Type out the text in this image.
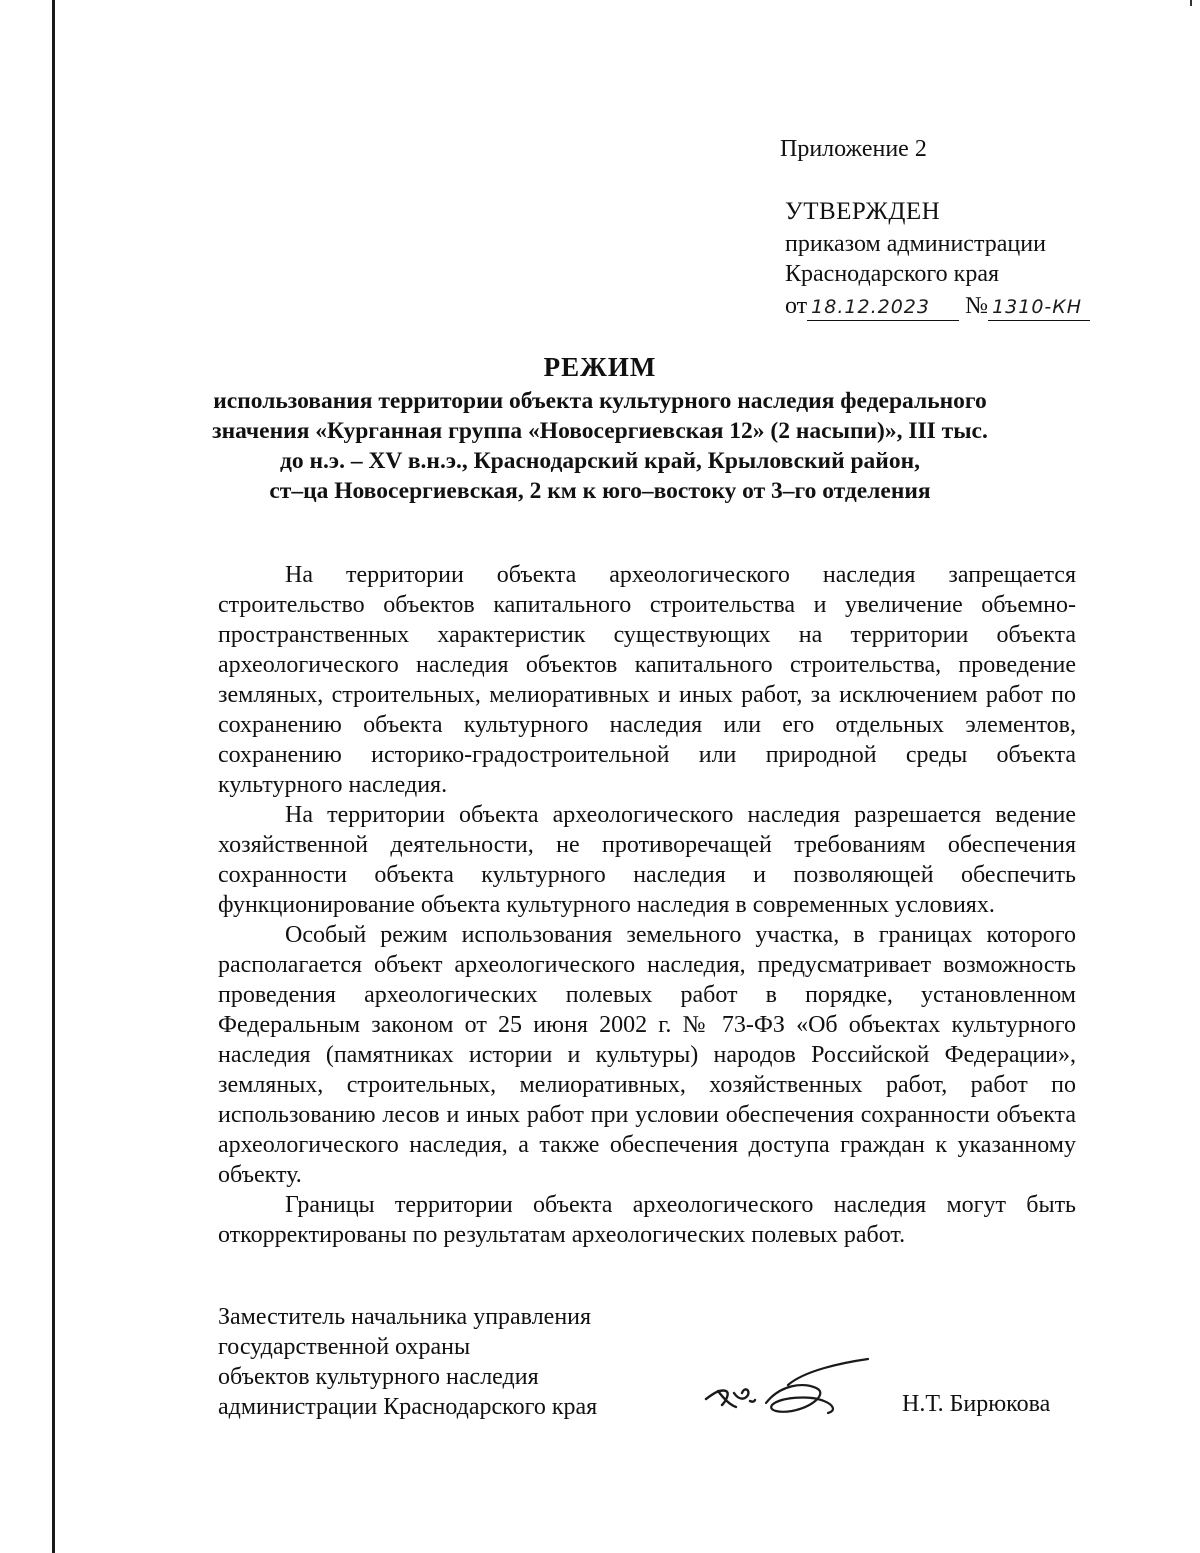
Приложение 2
УТВЕРЖДЕН
приказом администрации
Краснодарского края
от 18.12.2023 № 1310-КН
РЕЖИМ
использования территории объекта культурного наследия федерального
значения «Курганная группа «Новосергиевская 12» (2 насыпи)», III тыс.
до н.э. – XV в.н.э., Краснодарский край, Крыловский район,
ст–ца Новосергиевская, 2 км к юго–востоку от 3–го отделения

На территории объекта археологического наследия запрещается строительство объектов капитального строительства и увеличение объемно-пространственных характеристик существующих на территории объекта археологического наследия объектов капитального строительства, проведение земляных, строительных, мелиоративных и иных работ, за исключением работ по сохранению объекта культурного наследия или его отдельных элементов, сохранению историко-градостроительной или природной среды объекта культурного наследия.

На территории объекта археологического наследия разрешается ведение хозяйственной деятельности, не противоречащей требованиям обеспечения сохранности объекта культурного наследия и позволяющей обеспечить функционирование объекта культурного наследия в современных условиях.

Особый режим использования земельного участка, в границах которого располагается объект археологического наследия, предусматривает возможность проведения археологических полевых работ в порядке, установленном Федеральным законом от 25 июня 2002 г. № 73-ФЗ «Об объектах культурного наследия (памятниках истории и культуры) народов Российской Федерации», земляных, строительных, мелиоративных, хозяйственных работ, работ по использованию лесов и иных работ при условии обеспечения сохранности объекта археологического наследия, а также обеспечения доступа граждан к указанному объекту.

Границы территории объекта археологического наследия могут быть откорректированы по результатам археологических полевых работ.

Заместитель начальника управления
государственной охраны
объектов культурного наследия
администрации Краснодарского края	Н.Т. Бирюкова
